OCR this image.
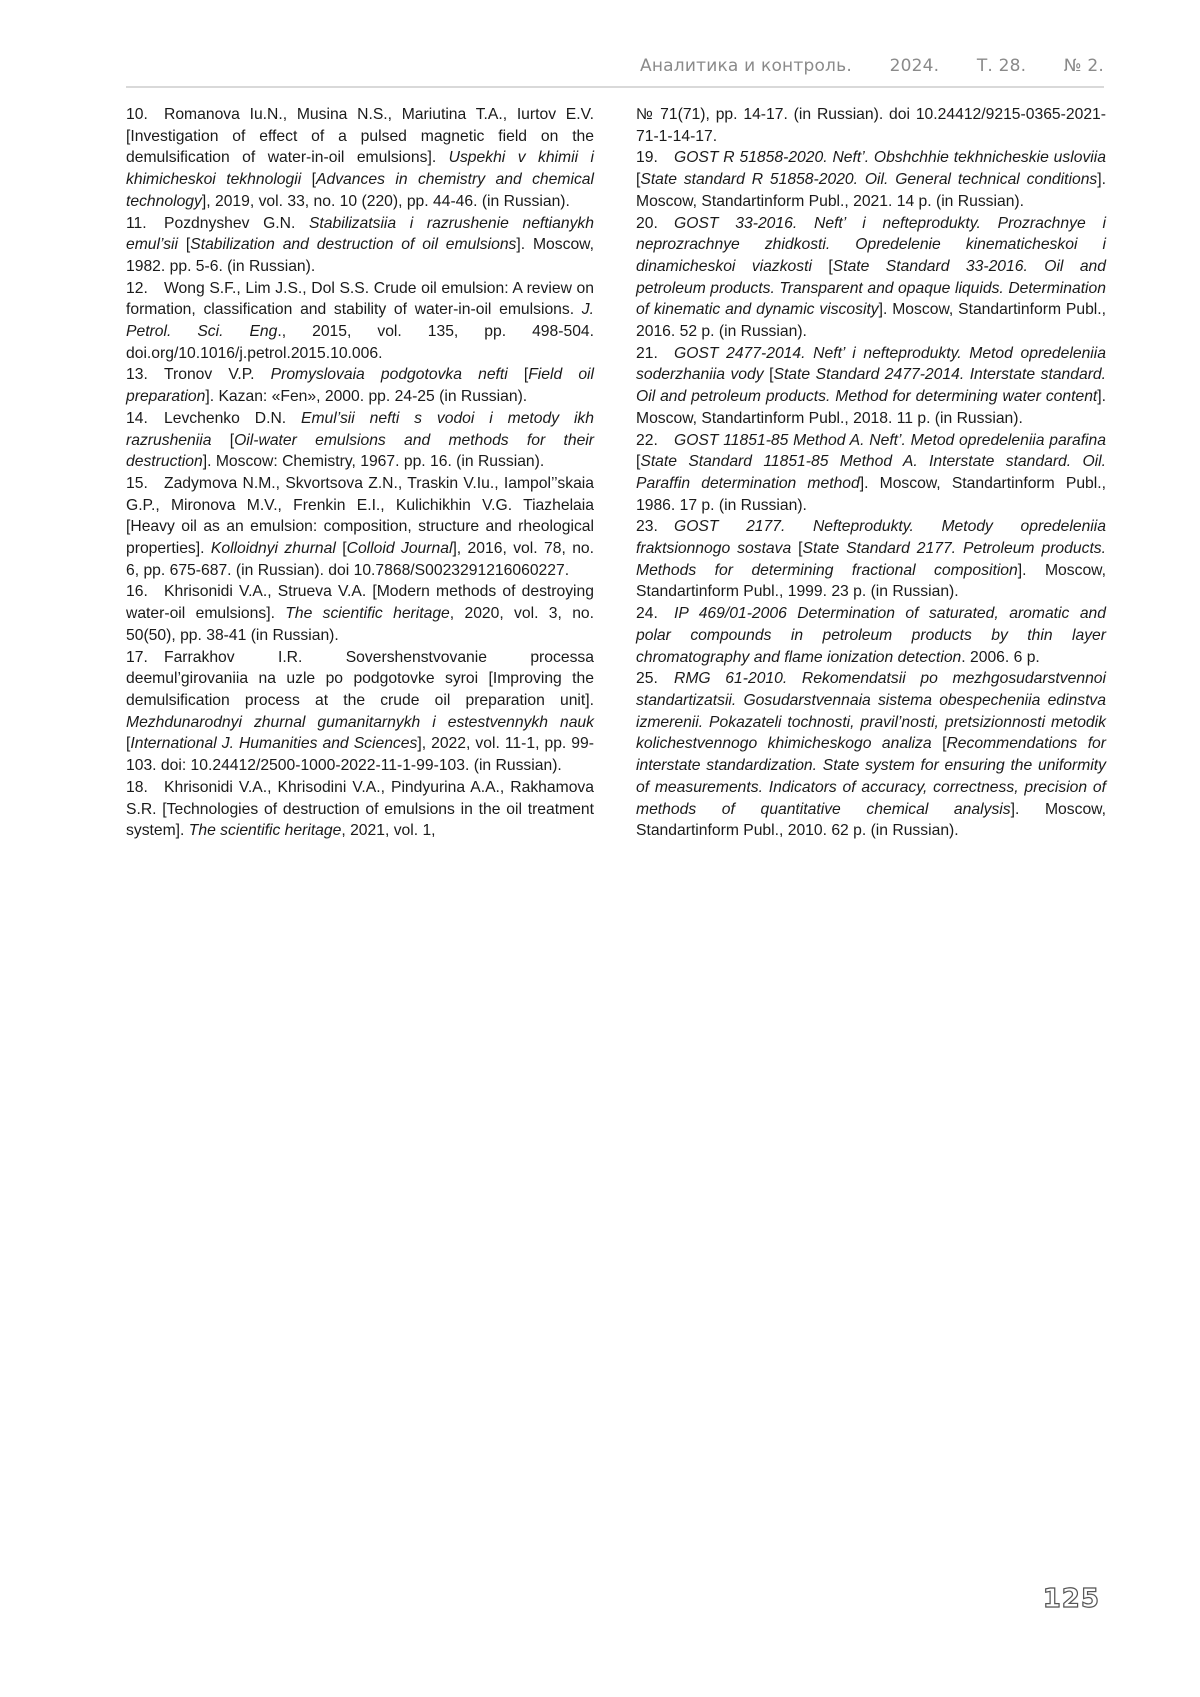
Аналитика и контроль. 2024. Т. 28. № 2.

10. Romanova Iu.N., Musina N.S., Mariutina T.A., Iurtov E.V. [Investigation of effect of a pulsed magnetic field on the demulsification of water-in-oil emulsions]. Uspekhi v khimii i khimicheskoi tekhnologii [Advances in chemistry and chemical technology], 2019, vol. 33, no. 10 (220), pp. 44-46. (in Russian).

11. Pozdnyshev G.N. Stabilizatsiia i razrushenie neftianykh emul’sii [Stabilization and destruction of oil emulsions]. Moscow, 1982. pp. 5-6. (in Russian).

12. Wong S.F., Lim J.S., Dol S.S. Crude oil emulsion: A review on formation, classification and stability of water-in-oil emulsions. J. Petrol. Sci. Eng., 2015, vol. 135, pp. 498-504. doi.org/10.1016/j.petrol.2015.10.006.

13. Tronov V.P. Promyslovaia podgotovka nefti [Field oil preparation]. Kazan: «Fen», 2000. pp. 24-25 (in Russian).

14. Levchenko D.N. Emul’sii nefti s vodoi i metody ikh razrusheniia [Oil-water emulsions and methods for their destruction]. Moscow: Chemistry, 1967. pp. 16. (in Russian).

15. Zadymova N.M., Skvortsova Z.N., Traskin V.Iu., Iampol’’skaia G.P., Mironova M.V., Frenkin E.I., Kulichikhin V.G. Tiazhelaia [Heavy oil as an emulsion: composition, structure and rheological properties]. Kolloidnyi zhurnal [Colloid Journal], 2016, vol. 78, no. 6, pp. 675-687. (in Russian). doi 10.7868/S0023291216060227.

16. Khrisonidi V.A., Strueva V.A. [Modern methods of destroying water-oil emulsions]. The scientific heritage, 2020, vol. 3, no. 50(50), pp. 38-41 (in Russian).

17. Farrakhov I.R. Sovershenstvovanie processa deemul’girovaniia na uzle po podgotovke syroi [Improving the demulsification process at the crude oil preparation unit]. Mezhdunarodnyi zhurnal gumanitarnykh i estestvennykh nauk [International J. Humanities and Sciences], 2022, vol. 11-1, pp. 99-103. doi: 10.24412/2500-1000-2022-11-1-99-103. (in Russian).

18. Khrisonidi V.A., Khrisodini V.A., Pindyurina A.A., Rakhamova S.R. [Technologies of destruction of emulsions in the oil treatment system]. The scientific heritage, 2021, vol. 1,

№ 71(71), pp. 14-17. (in Russian). doi 10.24412/9215-0365-2021-71-1-14-17.

19. GOST R 51858-2020. Neft’. Obshchhie tekhnicheskie usloviia [State standard R 51858-2020. Oil. General technical conditions]. Moscow, Standartinform Publ., 2021. 14 p. (in Russian).

20. GOST 33-2016. Neft’ i nefteprodukty. Prozrachnye i neprozrachnye zhidkosti. Opredelenie kinematicheskoi i dinamicheskoi viazkosti [State Standard 33-2016. Oil and petroleum products. Transparent and opaque liquids. Determination of kinematic and dynamic viscosity]. Moscow, Standartinform Publ., 2016. 52 p. (in Russian).

21. GOST 2477-2014. Neft’ i nefteprodukty. Metod opredeleniia soderzhaniia vody [State Standard 2477-2014. Interstate standard. Oil and petroleum products. Method for determining water content]. Moscow, Standartinform Publ., 2018. 11 p. (in Russian).

22. GOST 11851-85 Method A. Neft’. Metod opredeleniia parafina [State Standard 11851-85 Method A. Interstate standard. Oil. Paraffin determination method]. Moscow, Standartinform Publ., 1986. 17 p. (in Russian).

23. GOST 2177. Nefteprodukty. Metody opredeleniia fraktsionnogo sostava [State Standard 2177. Petroleum products. Methods for determining fractional composition]. Moscow, Standartinform Publ., 1999. 23 p. (in Russian).

24. IP 469/01-2006 Determination of saturated, aromatic and polar compounds in petroleum products by thin layer chromatography and flame ionization detection. 2006. 6 p.

25. RMG 61-2010. Rekomendatsii po mezhgosudarstvennoi standartizatsii. Gosudarstvennaia sistema obespecheniia edinstva izmerenii. Pokazateli tochnosti, pravil’nosti, pretsizionnosti metodik kolichestvennogo khimicheskogo analiza [Recommendations for interstate standardization. State system for ensuring the uniformity of measurements. Indicators of accuracy, correctness, precision of methods of quantitative chemical analysis]. Moscow, Standartinform Publ., 2010. 62 p. (in Russian).

125
